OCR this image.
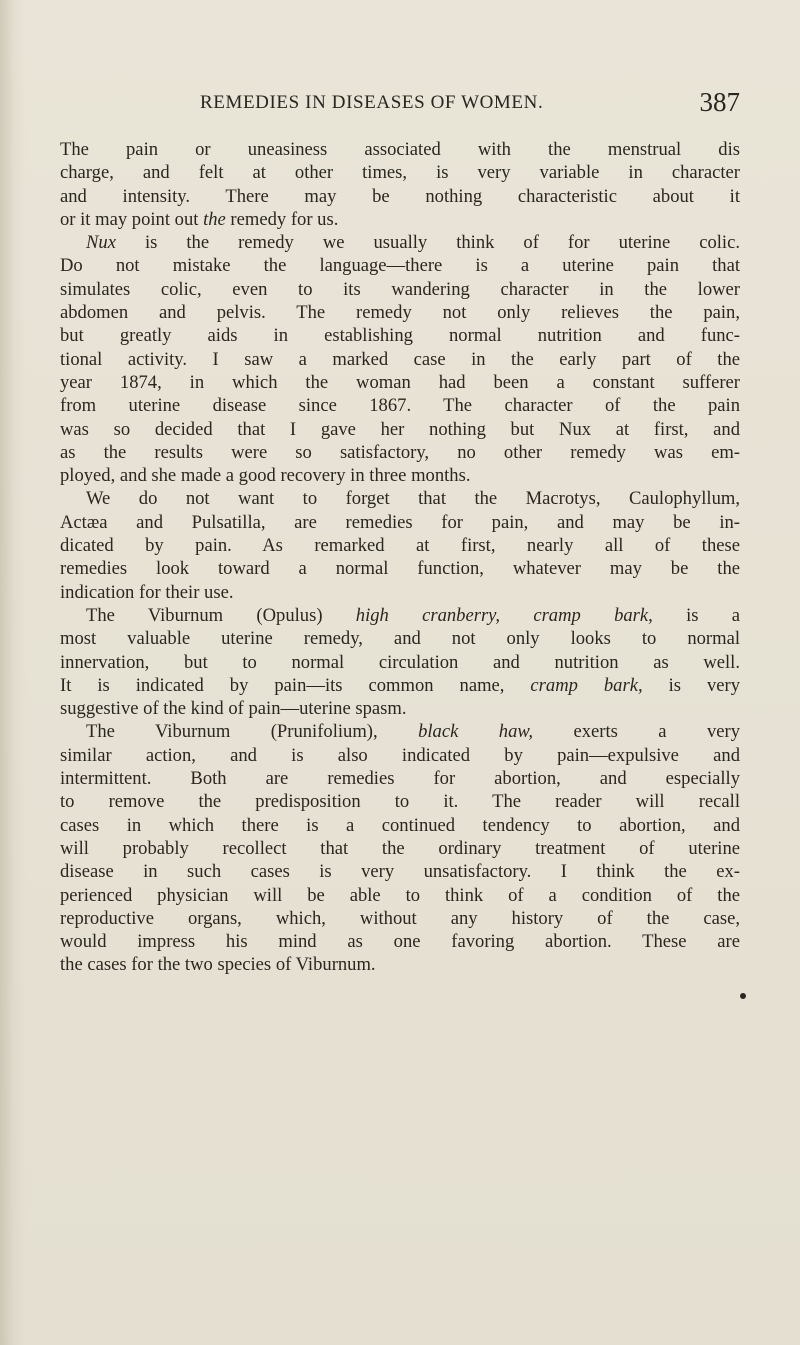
REMEDIES IN DISEASES OF WOMEN.	387
The pain or uneasiness associated with the menstrual dis
charge, and felt at other times, is very variable in character
and intensity. There may be nothing characteristic about it
or it may point out the remedy for us.
Nux is the remedy we usually think of for uterine colic.
Do not mistake the language—there is a uterine pain that
simulates colic, even to its wandering character in the lower
abdomen and pelvis. The remedy not only relieves the pain,
but greatly aids in establishing normal nutrition and func-
tional activity. I saw a marked case in the early part of the
year 1874, in which the woman had been a constant sufferer
from uterine disease since 1867. The character of the pain
was so decided that I gave her nothing but Nux at first, and
as the results were so satisfactory, no other remedy was em-
ployed, and she made a good recovery in three months.
We do not want to forget that the Macrotys, Caulophyllum,
Actæa and Pulsatilla, are remedies for pain, and may be in-
dicated by pain. As remarked at first, nearly all of these
remedies look toward a normal function, whatever may be the
indication for their use.
The Viburnum (Opulus) high cranberry, cramp bark, is a
most valuable uterine remedy, and not only looks to normal
innervation, but to normal circulation and nutrition as well.
It is indicated by pain—its common name, cramp bark, is very
suggestive of the kind of pain—uterine spasm.
The Viburnum (Prunifolium), black haw, exerts a very
similar action, and is also indicated by pain—expulsive and
intermittent. Both are remedies for abortion, and especially
to remove the predisposition to it. The reader will recall
cases in which there is a continued tendency to abortion, and
will probably recollect that the ordinary treatment of uterine
disease in such cases is very unsatisfactory. I think the ex-
perienced physician will be able to think of a condition of the
reproductive organs, which, without any history of the case,
would impress his mind as one favoring abortion. These are
the cases for the two species of Viburnum.
